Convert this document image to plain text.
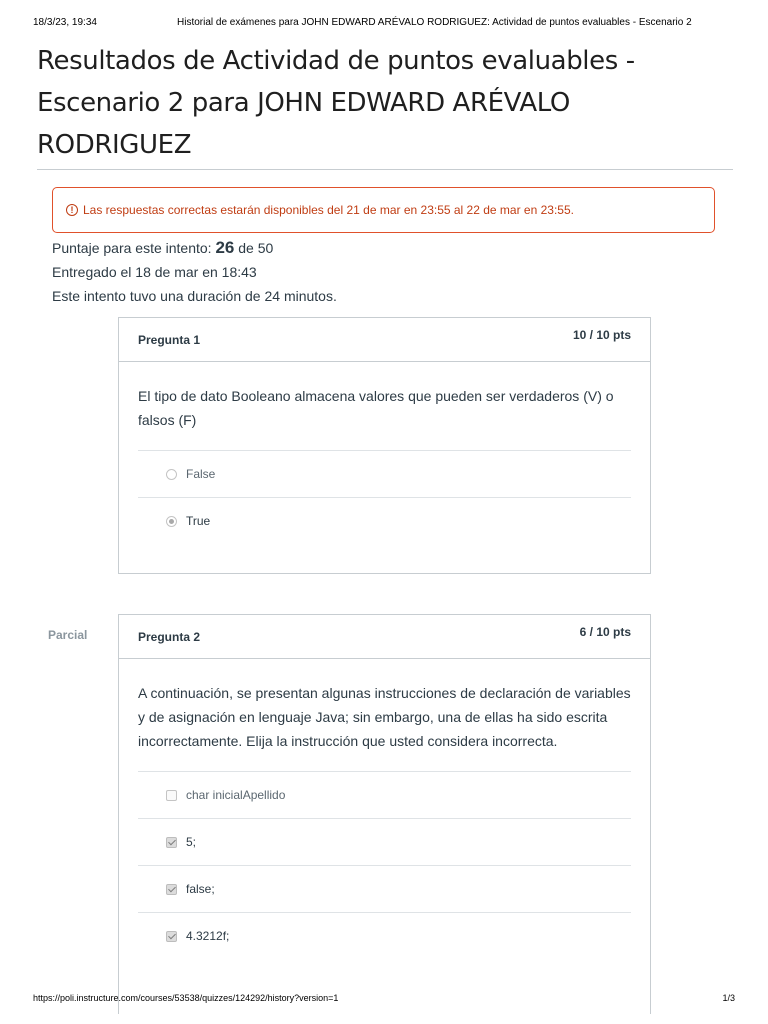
18/3/23, 19:34	Historial de exámenes para JOHN EDWARD ARÉVALO RODRIGUEZ: Actividad de puntos evaluables - Escenario 2
Resultados de Actividad de puntos evaluables - Escenario 2 para JOHN EDWARD ARÉVALO RODRIGUEZ
! Las respuestas correctas estarán disponibles del 21 de mar en 23:55 al 22 de mar en 23:55.
Puntaje para este intento: 26 de 50
Entregado el 18 de mar en 18:43
Este intento tuvo una duración de 24 minutos.
Pregunta 1	10 / 10 pts
El tipo de dato Booleano almacena valores que pueden ser verdaderos (V) o falsos (F)
False
True
Parcial	Pregunta 2	6 / 10 pts
A continuación, se presentan algunas instrucciones de declaración de variables y de asignación en lenguaje Java; sin embargo, una de ellas ha sido escrita incorrectamente. Elija la instrucción que usted considera incorrecta.
char inicialApellido
5;
false;
4.3212f;
https://poli.instructure.com/courses/53538/quizzes/124292/history?version=1	1/3
